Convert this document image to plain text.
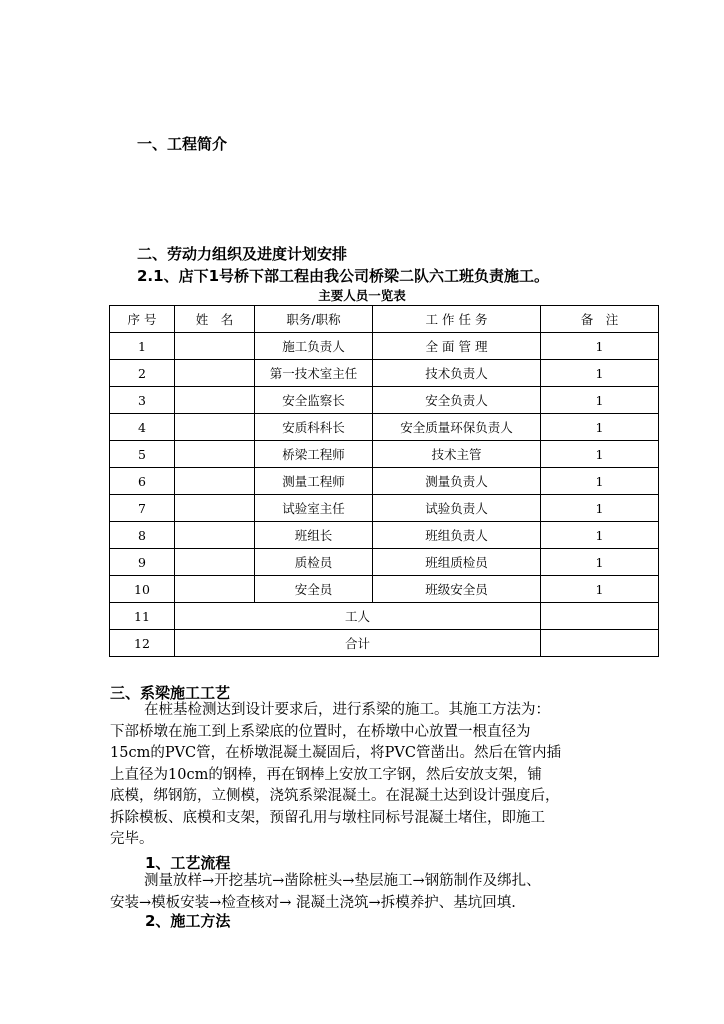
一、工程简介
二、劳动力组织及进度计划安排
2.1、店下1号桥下部工程由我公司桥梁二队六工班负责施工。
主要人员一览表
序 号	姓　名	职务/职称	工 作 任 务	备　注
1		施工负责人	全 面 管 理	1
2		第一技术室主任	技术负责人	1
3		安全监察长	安全负责人	1
4		安质科科长	安全质量环保负责人	1
5		桥梁工程师	技术主管	1
6		测量工程师	测量负责人	1
7		试验室主任	试验负责人	1
8		班组长	班组负责人	1
9		质检员	班组质检员	1
10		安全员	班级安全员	1
11	工人			
12	合计			
三、系梁施工工艺
在桩基检测达到设计要求后，进行系梁的施工。其施工方法为：
下部桥墩在施工到上系梁底的位置时，在桥墩中心放置一根直径为
15cm的PVC管，在桥墩混凝土凝固后，将PVC管凿出。然后在管内插
上直径为10cm的钢棒，再在钢棒上安放工字钢，然后安放支架，铺
底模，绑钢筋，立侧模，浇筑系梁混凝土。在混凝土达到设计强度后，
拆除模板、底模和支架，预留孔用与墩柱同标号混凝土堵住，即施工
完毕。
1、工艺流程
测量放样→开挖基坑→凿除桩头→垫层施工→钢筋制作及绑扎、
安装→模板安装→检查核对→ 混凝土浇筑→拆模养护、基坑回填.
2、施工方法
